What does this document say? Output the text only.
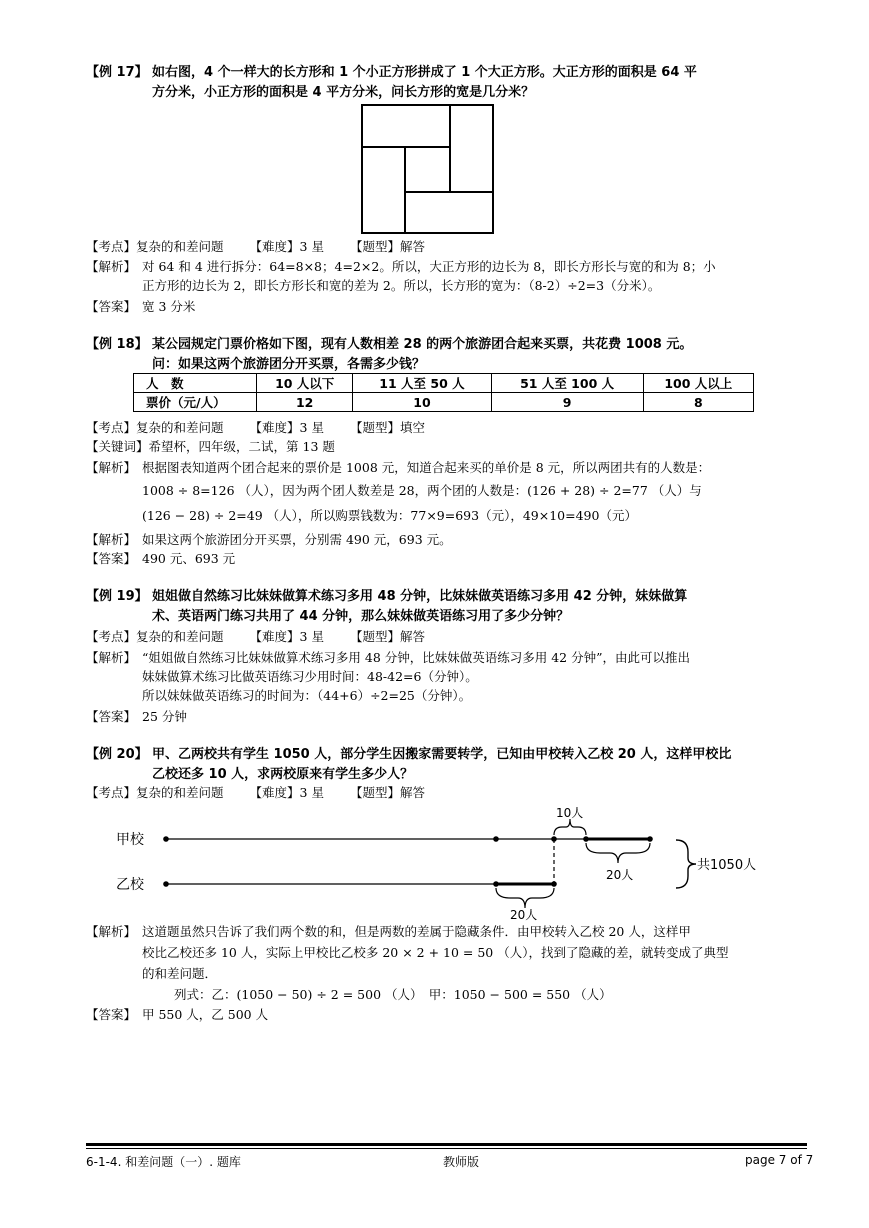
【例 17】 如右图，4 个一样大的长方形和 1 个小正方形拼成了 1 个大正方形。大正方形的面积是 64 平
方分米，小正方形的面积是 4 平方分米，问长方形的宽是几分米？
【考点】复杂的和差问题 【难度】3 星 【题型】解答
【解析】 对 64 和 4 进行拆分：64=8×8；4=2×2。所以，大正方形的边长为 8，即长方形长与宽的和为 8；小
正方形的边长为 2，即长方形长和宽的差为 2。所以，长方形的宽为：（8-2）÷2=3（分米）。
【答案】 宽 3 分米
【例 18】 某公园规定门票价格如下图，现有人数相差 28 的两个旅游团合起来买票，共花费 1008 元。
问：如果这两个旅游团分开买票，各需多少钱？
人　数	10 人以下	11 人至 50 人	51 人至 100 人	100 人以上
票价（元/人）	12	10	9	8
【考点】复杂的和差问题 【难度】3 星 【题型】填空
【关键词】希望杯，四年级，二试，第 13 题
【解析】 根据图表知道两个团合起来的票价是 1008 元，知道合起来买的单价是 8 元，所以两团共有的人数是：
1008 ÷ 8=126 （人），因为两个团人数差是 28，两个团的人数是：(126 + 28) ÷ 2=77 （人）与
(126 − 28) ÷ 2=49 （人），所以购票钱数为：77×9=693（元），49×10=490（元）
【解析】 如果这两个旅游团分开买票，分别需 490 元，693 元。
【答案】 490 元、693 元
【例 19】 姐姐做自然练习比妹妹做算术练习多用 48 分钟，比妹妹做英语练习多用 42 分钟，妹妹做算
术、英语两门练习共用了 44 分钟，那么妹妹做英语练习用了多少分钟？
【考点】复杂的和差问题 【难度】3 星 【题型】解答
【解析】 “姐姐做自然练习比妹妹做算术练习多用 48 分钟，比妹妹做英语练习多用 42 分钟”，由此可以推出
妹妹做算术练习比做英语练习少用时间：48-42=6（分钟）。
所以妹妹做英语练习的时间为：（44+6）÷2=25（分钟）。
【答案】 25 分钟
【例 20】 甲、乙两校共有学生 1050 人，部分学生因搬家需要转学，已知由甲校转入乙校 20 人，这样甲校比
乙校还多 10 人，求两校原来有学生多少人？
【考点】复杂的和差问题 【难度】3 星 【题型】解答
甲校
乙校
10人
20人
20人
共1050人
【解析】 这道题虽然只告诉了我们两个数的和，但是两数的差属于隐藏条件．由甲校转入乙校 20 人，这样甲
校比乙校还多 10 人，实际上甲校比乙校多 20 × 2 + 10 = 50 （人），找到了隐藏的差，就转变成了典型
的和差问题．
列式：乙：(1050 − 50) ÷ 2 = 500 （人）　甲：1050 − 500 = 550 （人）
【答案】 甲 550 人，乙 500 人
6-1-4. 和差问题（一）. 题库	教师版	page 7 of 7
